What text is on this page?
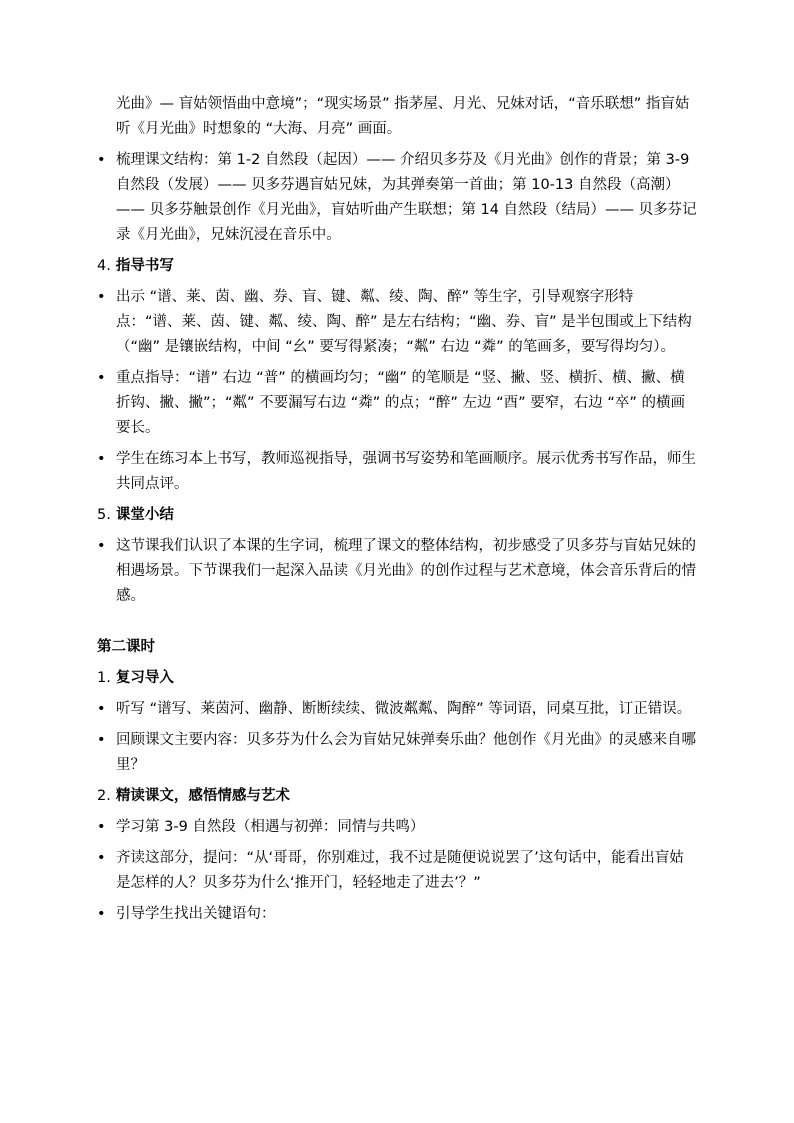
光曲》— 盲姑领悟曲中意境”；“现实场景” 指茅屋、月光、兄妹对话，“音乐联想” 指盲姑听《月光曲》时想象的 “大海、月亮” 画面。

• 梳理课文结构：第 1-2 自然段（起因）—— 介绍贝多芬及《月光曲》创作的背景；第 3-9 自然段（发展）—— 贝多芬遇盲姑兄妹，为其弹奏第一首曲；第 10-13 自然段（高潮）—— 贝多芬触景创作《月光曲》，盲姑听曲产生联想；第 14 自然段（结局）—— 贝多芬记录《月光曲》，兄妹沉浸在音乐中。

4. 指导书写
• 出示 “谱、莱、茵、幽、券、盲、键、粼、绫、陶、醉” 等生字，引导观察字形特点：“谱、莱、茵、键、粼、绫、陶、醉” 是左右结构；“幽、券、盲” 是半包围或上下结构（“幽” 是镶嵌结构，中间 “幺” 要写得紧凑；“粼” 右边 “粦” 的笔画多，要写得均匀）。

• 重点指导：“谱” 右边 “普” 的横画均匀；“幽” 的笔顺是 “竖、撇、竖、横折、横、撇、横折钩、撇、撇”；“粼” 不要漏写右边 “粦” 的点；“醉” 左边 “酉” 要窄，右边 “卒” 的横画要长。

• 学生在练习本上书写，教师巡视指导，强调书写姿势和笔画顺序。展示优秀书写作品，师生共同点评。

5. 课堂小结
• 这节课我们认识了本课的生字词，梳理了课文的整体结构，初步感受了贝多芬与盲姑兄妹的相遇场景。下节课我们一起深入品读《月光曲》的创作过程与艺术意境，体会音乐背后的情感。

第二课时
1. 复习导入
• 听写 “谱写、莱茵河、幽静、断断续续、微波粼粼、陶醉” 等词语，同桌互批，订正错误。

• 回顾课文主要内容：贝多芬为什么会为盲姑兄妹弹奏乐曲？他创作《月光曲》的灵感来自哪里？

2. 精读课文，感悟情感与艺术
• 学习第 3-9 自然段（相遇与初弹：同情与共鸣）

• 齐读这部分，提问：“从‘哥哥，你别难过，我不过是随便说说罢了’这句话中，能看出盲姑是怎样的人？贝多芬为什么‘推开门，轻轻地走了进去’？”

• 引导学生找出关键语句：
